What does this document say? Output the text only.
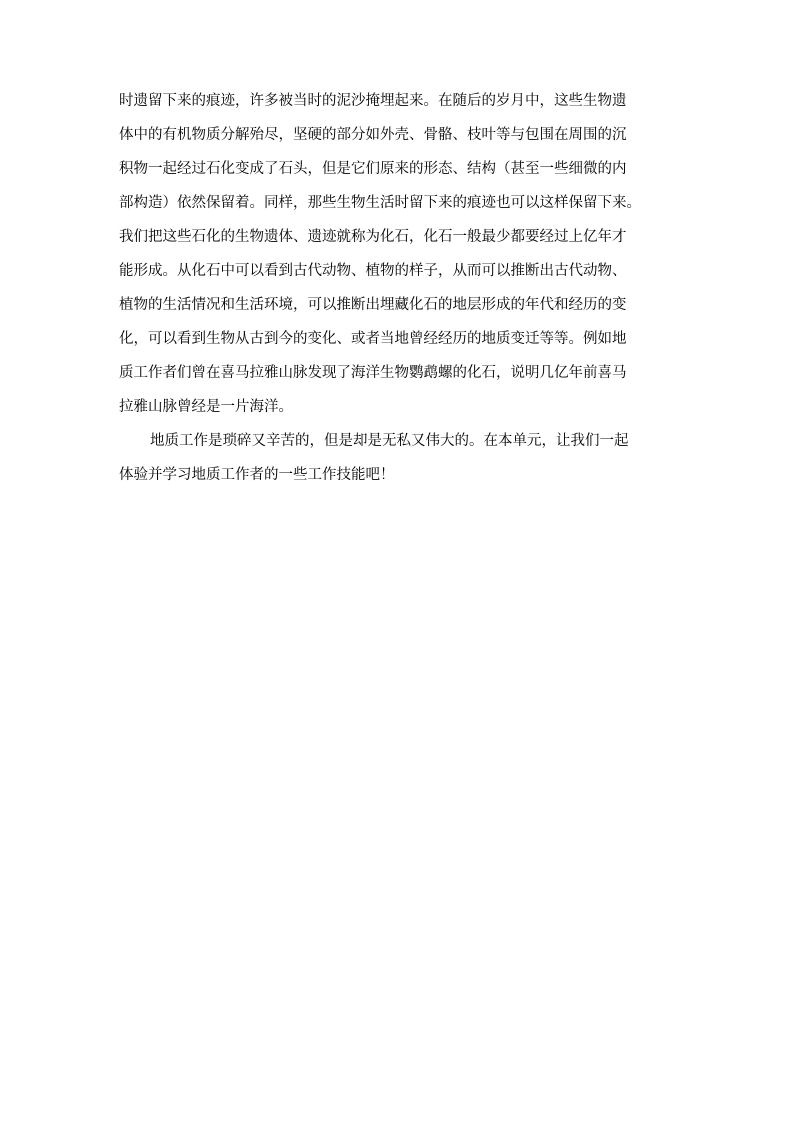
时遗留下来的痕迹，许多被当时的泥沙掩埋起来。在随后的岁月中，这些生物遗
体中的有机物质分解殆尽，坚硬的部分如外壳、骨骼、枝叶等与包围在周围的沉
积物一起经过石化变成了石头，但是它们原来的形态、结构（甚至一些细微的内
部构造）依然保留着。同样，那些生物生活时留下来的痕迹也可以这样保留下来。
我们把这些石化的生物遗体、遗迹就称为化石，化石一般最少都要经过上亿年才
能形成。从化石中可以看到古代动物、植物的样子，从而可以推断出古代动物、
植物的生活情况和生活环境，可以推断出埋藏化石的地层形成的年代和经历的变
化，可以看到生物从古到今的变化、或者当地曾经经历的地质变迁等等。例如地
质工作者们曾在喜马拉雅山脉发现了海洋生物鹦鹉螺的化石，说明几亿年前喜马
拉雅山脉曾经是一片海洋。
地质工作是琐碎又辛苦的，但是却是无私又伟大的。在本单元，让我们一起
体验并学习地质工作者的一些工作技能吧！
